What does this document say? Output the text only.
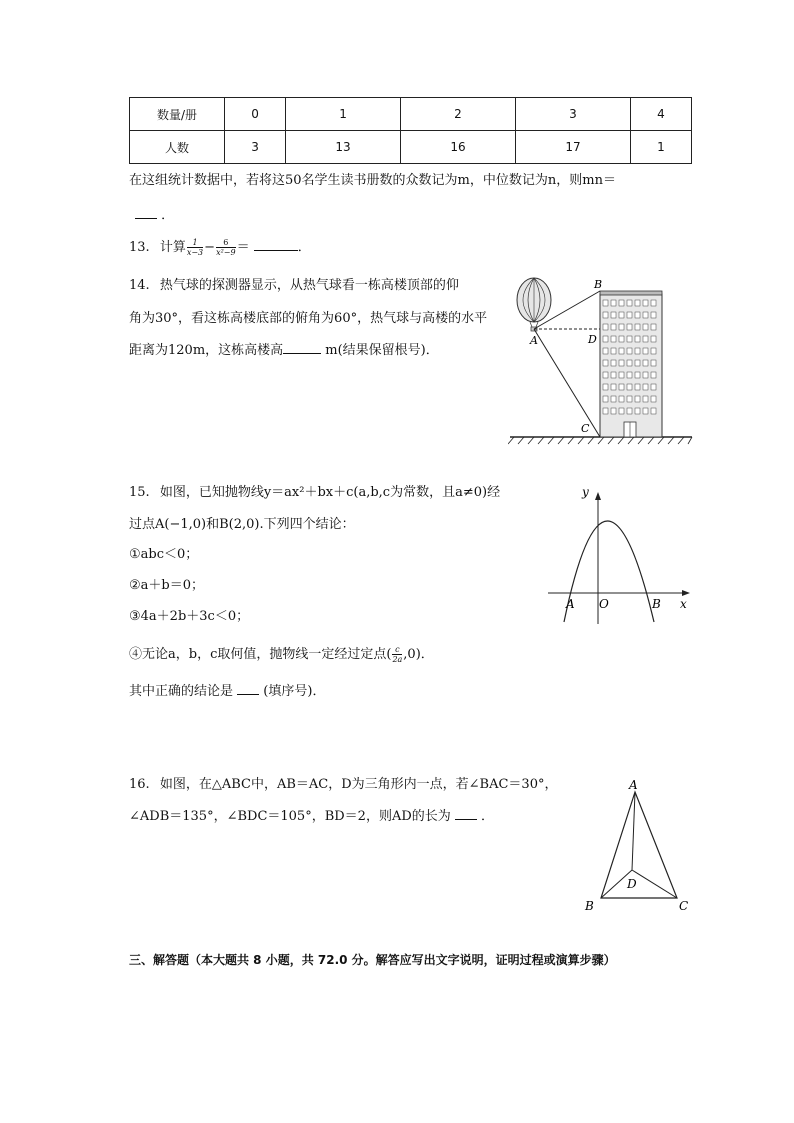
数量/册	0	1	2	3	4
人数	3	13	16	17	1
在这组统计数据中，若将这50名学生读书册数的众数记为m，中位数记为n，则mn＝
．
13. 计算 $\frac{1}{x-3} - \frac{6}{\text{x²−9}}$ ＝	．
14. 热气球的探测器显示，从热气球看一栋高楼顶部的仰
角为30°，看这栋高楼底部的俯角为60°，热气球与高楼的水平
距离为120m，这栋高楼高	m(结果保留根号)．
B
D
A
C
15. 如图，已知抛物线y＝ax²＋bx＋c(a,b,c为常数，且a≠0)经
过点A(−1,0)和B(2,0).下列四个结论：
①abc＜0；
②a＋b＝0；
③4a＋2b＋3c＜0；
④无论a，b，c取何值，抛物线一定经过定点( $\frac{c}{2a} ,0$)．
其中正确的结论是 (填序号)．
y
x
A O	B
16. 如图，在△ABC中，AB＝AC，D为三角形内一点，若∠BAC＝30°，
∠ADB＝135°，∠BDC＝105°，BD＝2，则AD的长为 ．
A
B	C
D
三、解答题（本大题共 8 小题，共 72.0 分。解答应写出文字说明，证明过程或演算步骤）
